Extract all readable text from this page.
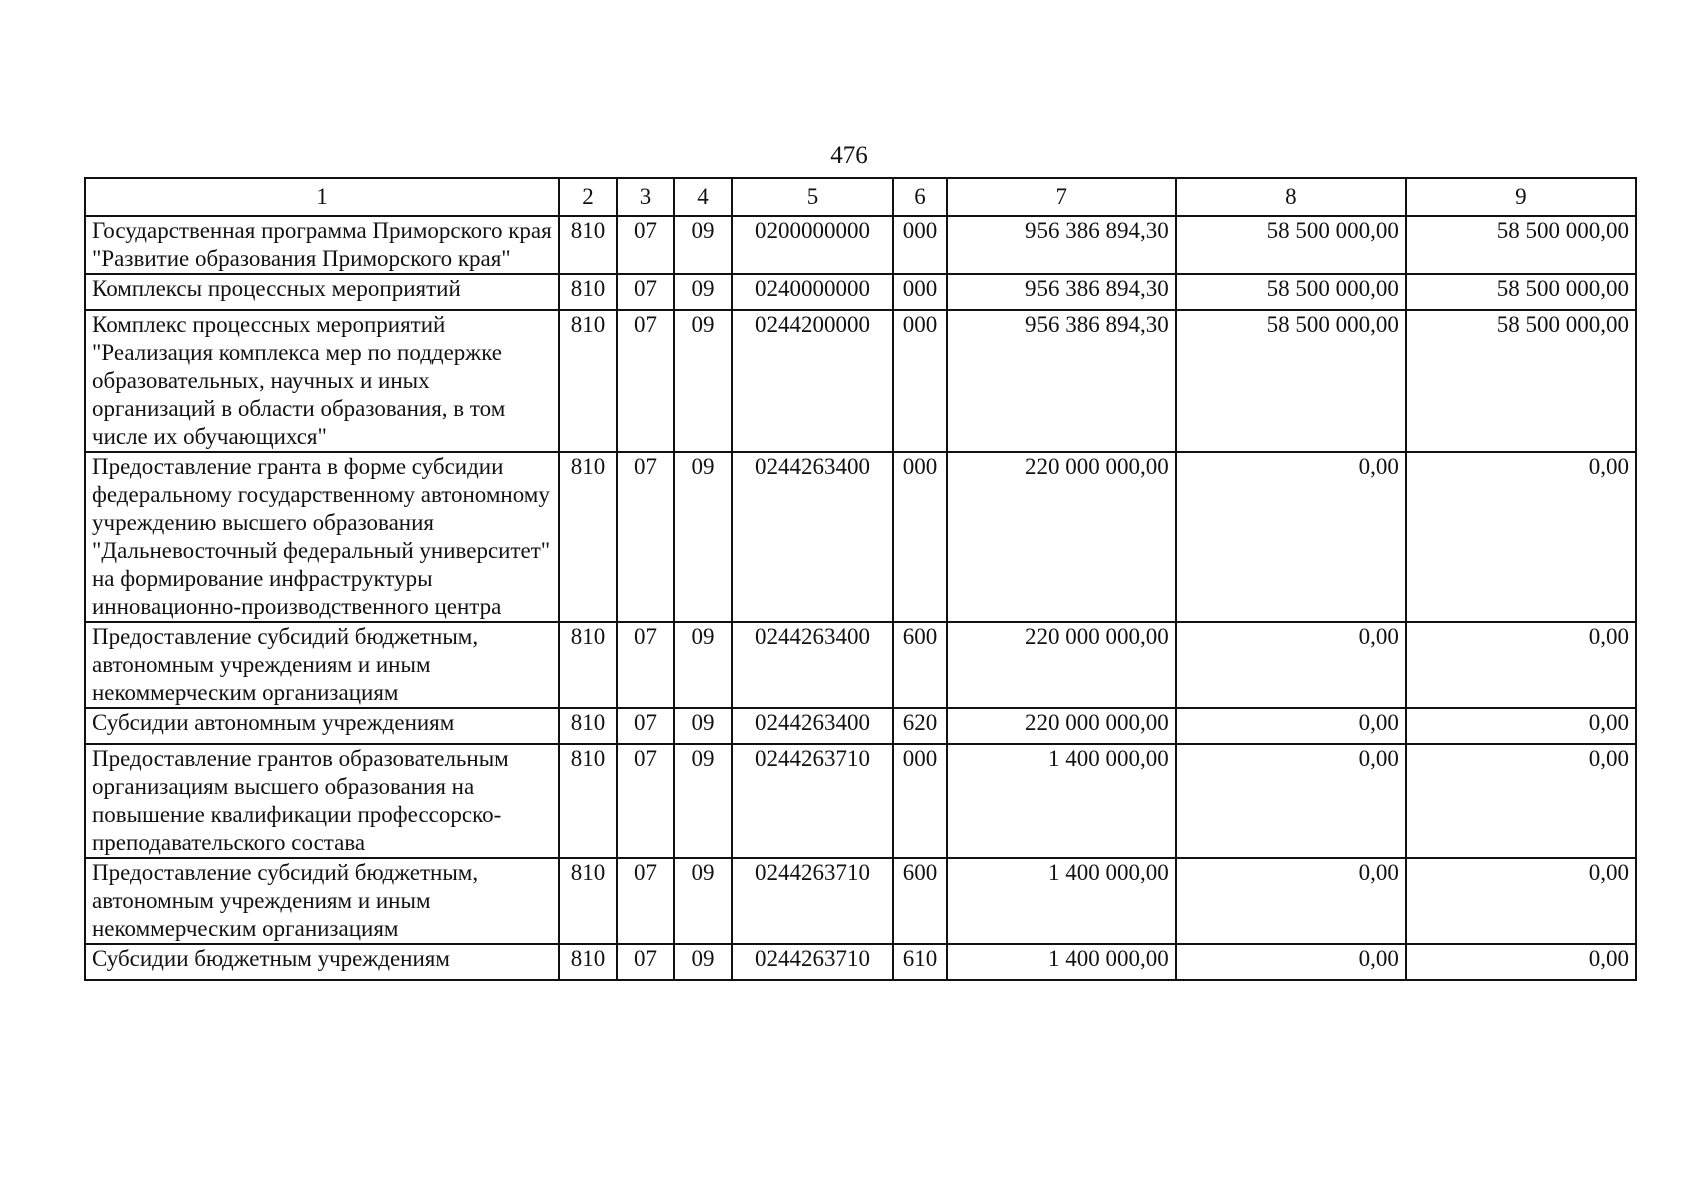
476
1	2	3	4	5	6	7	8	9
Государственная программа Приморского края "Развитие образования Приморского края"	810	07	09	0200000000	000	956 386 894,30	58 500 000,00	58 500 000,00
Комплексы процессных мероприятий	810	07	09	0240000000	000	956 386 894,30	58 500 000,00	58 500 000,00
Комплекс процессных мероприятий "Реализация комплекса мер по поддержке образовательных, научных и иных организаций в области образования, в том числе их обучающихся"	810	07	09	0244200000	000	956 386 894,30	58 500 000,00	58 500 000,00
Предоставление гранта в форме субсидии федеральному государственному автономному учреждению высшего образования "Дальневосточный федеральный университет" на формирование инфраструктуры инновационно-производственного центра	810	07	09	0244263400	000	220 000 000,00	0,00	0,00
Предоставление субсидий бюджетным, автономным учреждениям и иным некоммерческим организациям	810	07	09	0244263400	600	220 000 000,00	0,00	0,00
Субсидии автономным учреждениям	810	07	09	0244263400	620	220 000 000,00	0,00	0,00
Предоставление грантов образовательным организациям высшего образования на повышение квалификации профессорско-преподавательского состава	810	07	09	0244263710	000	1 400 000,00	0,00	0,00
Предоставление субсидий бюджетным, автономным учреждениям и иным некоммерческим организациям	810	07	09	0244263710	600	1 400 000,00	0,00	0,00
Субсидии бюджетным учреждениям	810	07	09	0244263710	610	1 400 000,00	0,00	0,00
